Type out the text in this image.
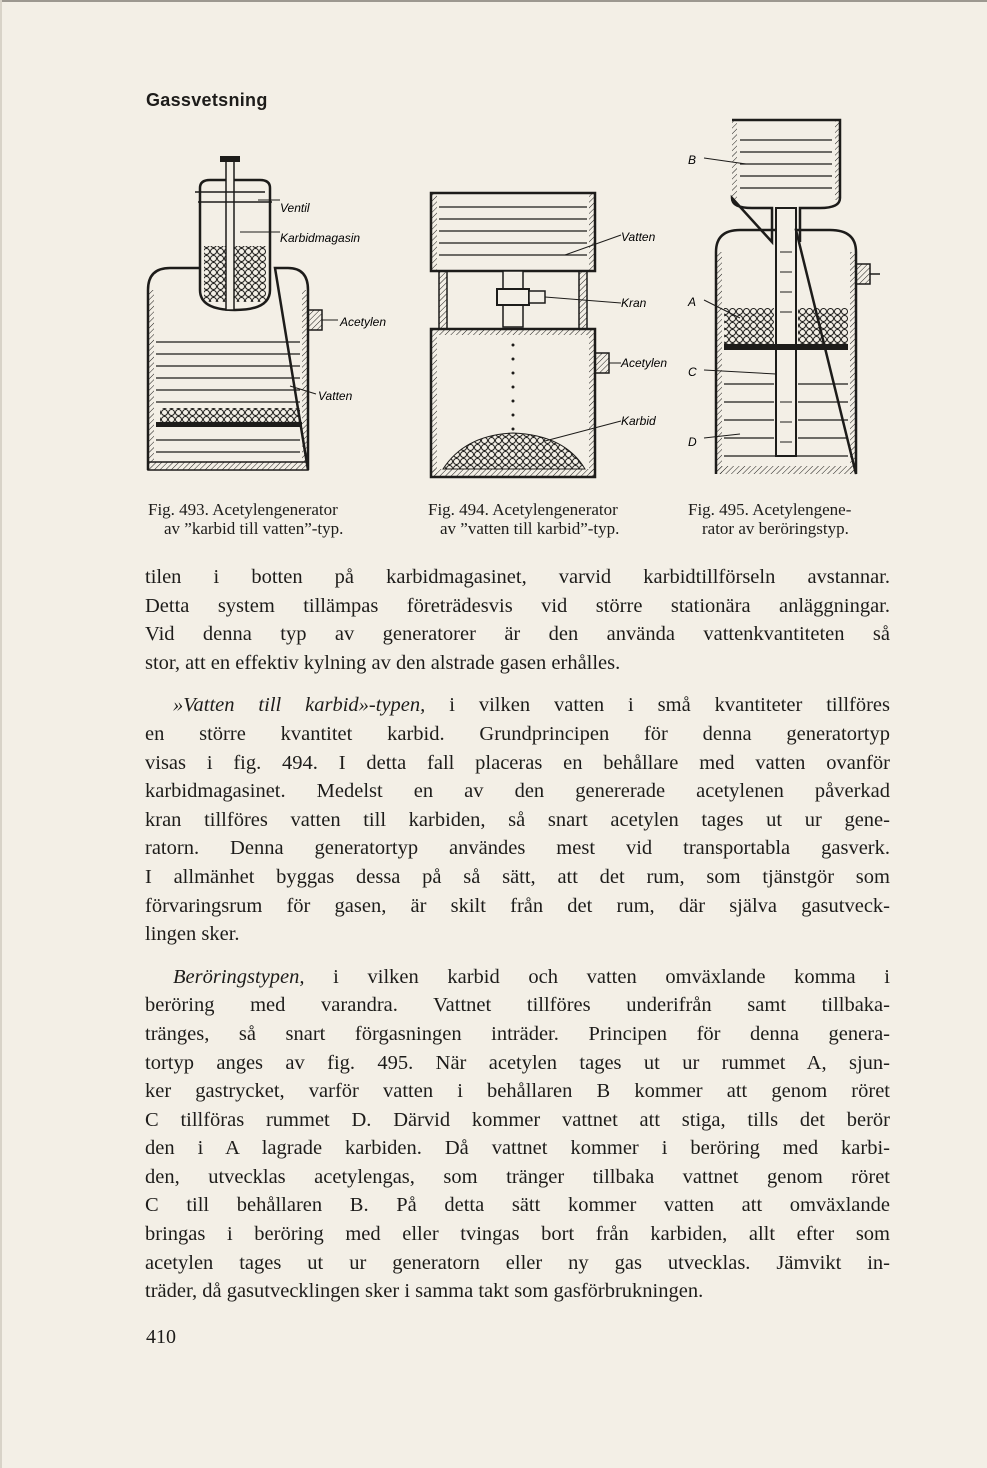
Gassvetsning
Ventil
Karbidmagasin
Acetylen
Vatten
Vatten
Kran
Acetylen
Karbid
B
A
C
D
Fig. 493. Acetylengenerator
av ”karbid till vatten”-typ.
Fig. 494. Acetylengenerator
av ”vatten till karbid”-typ.
Fig. 495. Acetylengene-
rator av beröringstyp.
tilen i botten på karbidmagasinet, varvid karbidtillförseln avstannar.
Detta system tillämpas företrädesvis vid större stationära anläggningar.
Vid denna typ av generatorer är den använda vattenkvantiteten så
stor, att en effektiv kylning av den alstrade gasen erhålles.
»Vatten till karbid»-typen, i vilken vatten i små kvantiteter tillföres
en större kvantitet karbid. Grundprincipen för denna generatortyp
visas i fig. 494. I detta fall placeras en behållare med vatten ovanför
karbidmagasinet. Medelst en av den genererade acetylenen påverkad
kran tillföres vatten till karbiden, så snart acetylen tages ut ur gene-
ratorn. Denna generatortyp användes mest vid transportabla gasverk.
I allmänhet byggas dessa på så sätt, att det rum, som tjänstgör som
förvaringsrum för gasen, är skilt från det rum, där själva gasutveck-
lingen sker.
Beröringstypen, i vilken karbid och vatten omväxlande komma i
beröring med varandra. Vattnet tillföres underifrån samt tillbaka-
tränges, så snart förgasningen inträder. Principen för denna genera-
tortyp anges av fig. 495. När acetylen tages ut ur rummet A, sjun-
ker gastrycket, varför vatten i behållaren B kommer att genom röret
C tillföras rummet D. Därvid kommer vattnet att stiga, tills det berör
den i A lagrade karbiden. Då vattnet kommer i beröring med karbi-
den, utvecklas acetylengas, som tränger tillbaka vattnet genom röret
C till behållaren B. På detta sätt kommer vatten att omväxlande
bringas i beröring med eller tvingas bort från karbiden, allt efter som
acetylen tages ut ur generatorn eller ny gas utvecklas. Jämvikt in-
träder, då gasutvecklingen sker i samma takt som gasförbrukningen.
410
